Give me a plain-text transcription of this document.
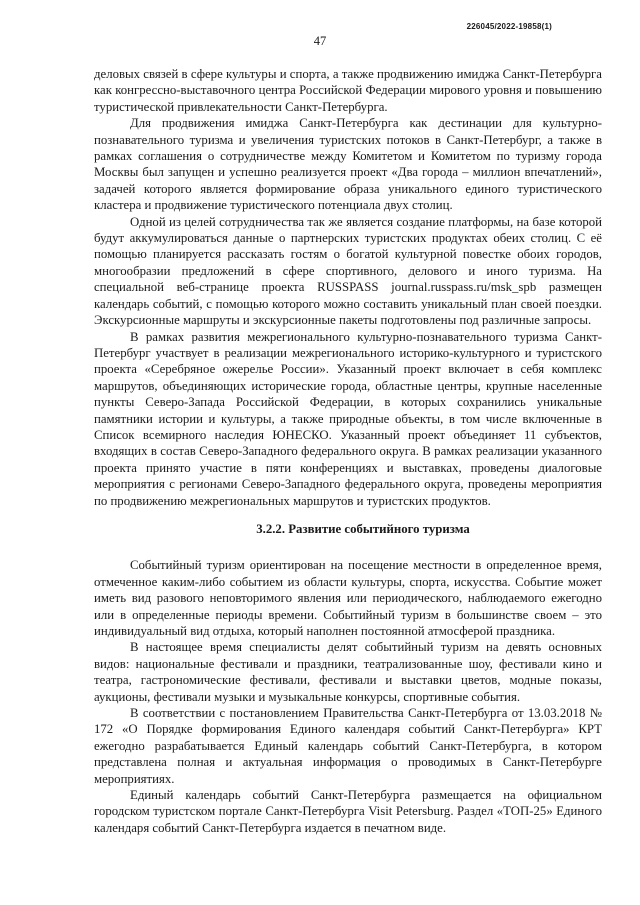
226045/2022-19858(1)
47

деловых связей в сфере культуры и спорта, а также продвижению имиджа Санкт-Петербурга как конгрессно-выставочного центра Российской Федерации мирового уровня и повышению туристической привлекательности Санкт-Петербурга.

Для продвижения имиджа Санкт-Петербурга как дестинации для культурно-познавательного туризма и увеличения туристских потоков в Санкт-Петербург, а также в рамках соглашения о сотрудничестве между Комитетом и Комитетом по туризму города Москвы был запущен и успешно реализуется проект «Два города – миллион впечатлений», задачей которого является формирование образа уникального единого туристического кластера и продвижение туристического потенциала двух столиц.

Одной из целей сотрудничества так же является создание платформы, на базе которой будут аккумулироваться данные о партнерских туристских продуктах обеих столиц. С её помощью планируется рассказать гостям о богатой культурной повестке обоих городов, многообразии предложений в сфере спортивного, делового и иного туризма. На специальной веб-странице проекта RUSSPASS journal.russpass.ru/msk_spb размещен календарь событий, с помощью которого можно составить уникальный план своей поездки. Экскурсионные маршруты и экскурсионные пакеты подготовлены под различные запросы.

В рамках развития межрегионального культурно-познавательного туризма Санкт-Петербург участвует в реализации межрегионального историко-культурного и туристского проекта «Серебряное ожерелье России». Указанный проект включает в себя комплекс маршрутов, объединяющих исторические города, областные центры, крупные населенные пункты Северо-Запада Российской Федерации, в которых сохранились уникальные памятники истории и культуры, а также природные объекты, в том числе включенные в Список всемирного наследия ЮНЕСКО. Указанный проект объединяет 11 субъектов, входящих в состав Северо-Западного федерального округа. В рамках реализации указанного проекта принято участие в пяти конференциях и выставках, проведены диалоговые мероприятия с регионами Северо-Западного федерального округа, проведены мероприятия по продвижению межрегиональных маршрутов и туристских продуктов.

3.2.2. Развитие событийного туризма

Событийный туризм ориентирован на посещение местности в определенное время, отмеченное каким-либо событием из области культуры, спорта, искусства. Событие может иметь вид разового неповторимого явления или периодического, наблюдаемого ежегодно или в определенные периоды времени. Событийный туризм в большинстве своем – это индивидуальный вид отдыха, который наполнен постоянной атмосферой праздника.

В настоящее время специалисты делят событийный туризм на девять основных видов: национальные фестивали и праздники, театрализованные шоу, фестивали кино и театра, гастрономические фестивали, фестивали и выставки цветов, модные показы, аукционы, фестивали музыки и музыкальные конкурсы, спортивные события.

В соответствии с постановлением Правительства Санкт-Петербурга от 13.03.2018 № 172 «О Порядке формирования Единого календаря событий Санкт-Петербурга» КРТ ежегодно разрабатывается Единый календарь событий Санкт-Петербурга, в котором представлена полная и актуальная информация о проводимых в Санкт-Петербурге мероприятиях.

Единый календарь событий Санкт-Петербурга размещается на официальном городском туристском портале Санкт-Петербурга Visit Petersburg. Раздел «ТОП-25» Единого календаря событий Санкт-Петербурга издается в печатном виде.
